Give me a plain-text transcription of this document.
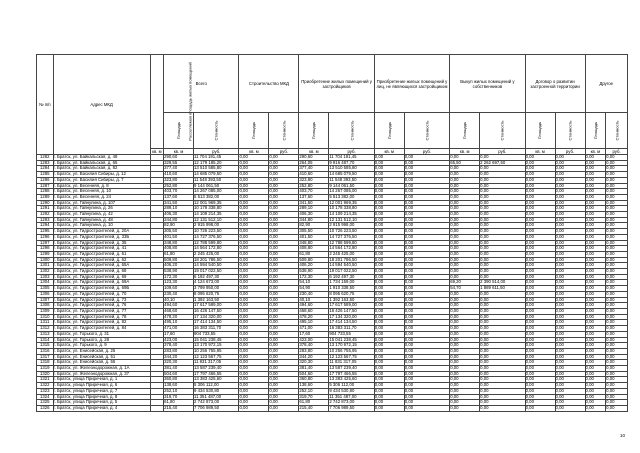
№ п/п	Адрес МКД	Расселяемая площадь жилых помещений	Всего		Строительство МКД		Приобретение жилых помещений у застройщиков		Приобретение жилых помещений у лиц, не являющихся застройщиком		Выкуп жилых помещений у собственников		Договор о развитии застроенной территории		Другое	
			Площадь	Стоимость	Площадь	Стоимость	Площадь	Стоимость	Площадь	Стоимость	Площадь	Стоимость	Площадь	Стоимость	Площадь	Стоимость
		кв. м	кв. м	руб.	кв. м	руб.	кв. м	руб.	кв. м	руб.	кв. м	руб.	кв. м	руб.	кв. м	руб.
1282	г. Братск, ул. Байкальская, д. 48		290,60	11 704 191,45	0,00	0,00	290,60	11 704 191,45	0,00	0,00	0,00	0,00	0,00	0,00	0,00	0,00
1283	г. Братск, ул. Байкальская, д. 65		329,55	12 179 185,20	0,00	0,00	264,05	9 916 487,70	0,00	0,00	65,50	2 262 697,50	0,00	0,00	0,00	0,00
1284	г. Братск, ул. Байкальская, д. 82		377,40	13 510 585,80	0,00	0,00	377,40	13 510 585,80	0,00	0,00	0,00	0,00	0,00	0,00	0,00	0,00
1285	г. Братск, ул. Василия Сибиры, д. 12		410,60	14 685 079,50	0,00	0,00	410,60	14 685 079,50	0,00	0,00	0,00	0,00	0,00	0,00	0,00	0,00
1286	г. Братск, ул. Василия Сибиры, д. 7		323,80	11 548 393,50	0,00	0,00	323,80	11 548 393,50	0,00	0,00	0,00	0,00	0,00	0,00	0,00	0,00
1287	г. Братск, ул. Весенняя, д. 8		252,80	9 144 061,50	0,00	0,00	252,80	9 144 061,50	0,00	0,00	0,00	0,00	0,00	0,00	0,00	0,00
1288	г. Братск, ул. Весенняя, д. 10		403,70	14 267 085,00	0,00	0,00	403,70	14 267 085,00	0,00	0,00	0,00	0,00	0,00	0,00	0,00	0,00
1289	г. Братск, ул. Весенняя, д. 24		137,60	5 513 382,00	0,00	0,00	137,60	5 513 382,00	0,00	0,00	0,00	0,00	0,00	0,00	0,00	0,00
1290	г. Братск, ул. Гайнулина, д. 107		341,50	12 001 969,35	0,00	0,00	341,50	12 001 969,35	0,00	0,00	0,00	0,00	0,00	0,00	0,00	0,00
1291	г. Братск, ул. Гайнулина, д. 26		289,10	10 178 338,80	0,00	0,00	289,10	10 178 338,80	0,00	0,00	0,00	0,00	0,00	0,00	0,00	0,00
1292	г. Братск, ул. Гайнулина, д. 42		406,30	14 109 214,35	0,00	0,00	406,30	14 109 214,35	0,00	0,00	0,00	0,00	0,00	0,00	0,00	0,00
1293	г. Братск, ул. Гайнулина, д. 48		344,80	12 131 512,10	0,00	0,00	344,80	12 131 512,10	0,00	0,00	0,00	0,00	0,00	0,00	0,00	0,00
1294	г. Братск, ул. Гайнулина, д. 10		82,90	2 915 998,00	0,00	0,00	82,90	2 915 998,00	0,00	0,00	0,00	0,00	0,00	0,00	0,00	0,00
1295	г. Братск, ул. Гидростроителей, д. 20А		305,50	10 726 223,50	0,00	0,00	305,50	10 726 223,50	0,00	0,00	0,00	0,00	0,00	0,00	0,00	0,00
1296	г. Братск, ул. Гидростроителей, д. 33Б		401,50	14 727 376,50	0,00	0,00	401,50	14 727 376,50	0,00	0,00	0,00	0,00	0,00	0,00	0,00	0,00
1297	г. Братск, ул. Гидростроителей, д. 35		348,80	12 788 599,80	0,00	0,00	348,80	12 788 599,80	0,00	0,00	0,00	0,00	0,00	0,00	0,00	0,00
1298	г. Братск, ул. Гидростроителей, д. 41		408,80	14 564 172,80	0,00	0,00	408,80	14 564 172,80	0,00	0,00	0,00	0,00	0,00	0,00	0,00	0,00
1299	г. Братск, ул. Гидростроителей, д. 61		61,80	2 245 425,00	0,00	0,00	61,80	2 245 425,00	0,00	0,00	0,00	0,00	0,00	0,00	0,00	0,00
1300	г. Братск, ул. Гидростроителей, д. 62		509,80	18 201 786,50	0,00	0,00	509,80	18 201 786,50	0,00	0,00	0,00	0,00	0,00	0,00	0,00	0,00
1301	г. Братск, ул. Гидростроителей, д. 65А		406,20	14 594 540,50	0,00	0,00	406,20	14 594 540,50	0,00	0,00	0,00	0,00	0,00	0,00	0,00	0,00
1302	г. Братск, ул. Гидростроителей, д. 68		538,90	19 017 022,50	0,00	0,00	538,90	19 017 022,50	0,00	0,00	0,00	0,00	0,00	0,00	0,00	0,00
1303	г. Братск, ул. Гидростроителей, д. 69		172,30	6 192 497,30	0,00	0,00	172,30	6 192 497,30	0,00	0,00	0,00	0,00	0,00	0,00	0,00	0,00
1304	г. Братск, ул. Гидростроителей, д. 69А		123,30	4 124 673,00	0,00	0,00	54,10	1 734 159,00	0,00	0,00	69,20	2 390 514,00	0,00	0,00	0,00	0,00
1305	г. Братск, ул. Гидростроителей, д. 69Б		109,60	3 799 950,00	0,00	0,00	54,90	1 910 338,50	0,00	0,00	54,70	1 889 611,50	0,00	0,00	0,00	0,00
1306	г. Братск, ул. Гидростроителей, д. 70		230,40	8 095 620,75	0,00	0,00	230,40	8 095 620,75	0,00	0,00	0,00	0,00	0,00	0,00	0,00	0,00
1307	г. Братск, ул. Гидростроителей, д. 73		40,10	1 392 163,50	0,00	0,00	40,10	1 392 163,50	0,00	0,00	0,00	0,00	0,00	0,00	0,00	0,00
1308	г. Братск, ул. Гидростроителей, д. 76		494,60	17 617 589,00	0,00	0,00	494,60	17 617 589,00	0,00	0,00	0,00	0,00	0,00	0,00	0,00	0,00
1309	г. Братск, ул. Гидростроителей, д. 77		468,60	16 426 147,50	0,00	0,00	468,60	16 426 147,50	0,00	0,00	0,00	0,00	0,00	0,00	0,00	0,00
1310	г. Братск, ул. Гидростроителей, д. 78		478,20	17 134 320,00	0,00	0,00	478,20	17 134 320,00	0,00	0,00	0,00	0,00	0,00	0,00	0,00	0,00
1311	г. Братск, ул. Гидростроителей, д. 82		495,10	17 414 134,50	0,00	0,00	495,10	17 414 134,50	0,00	0,00	0,00	0,00	0,00	0,00	0,00	0,00
1312	г. Братск, ул. Гидростроителей, д. 84		471,00	16 383 311,70	0,00	0,00	471,00	16 383 311,70	0,00	0,00	0,00	0,00	0,00	0,00	0,00	0,00
1313	г. Братск, ул. Горького, д. 31		17,60	904 733,55	0,00	0,00	17,60	904 733,55	0,00	0,00	0,00	0,00	0,00	0,00	0,00	0,00
1314	г. Братск, ул. Горького, д. 28		423,00	15 041 238,45	0,00	0,00	423,00	15 041 238,45	0,00	0,00	0,00	0,00	0,00	0,00	0,00	0,00
1315	г. Братск, ул. Горького, д. 9		378,40	13 170 972,15	0,00	0,00	378,40	13 170 972,15	0,00	0,00	0,00	0,00	0,00	0,00	0,00	0,00
1316	г. Братск, ул. Енисейская, д. 25		283,80	10 256 755,95	0,00	0,00	283,80	10 256 755,95	0,00	0,00	0,00	0,00	0,00	0,00	0,00	0,00
1317	г. Братск, ул. Енисейская, д. 51		344,20	12 123 567,75	0,00	0,00	344,20	12 123 567,75	0,00	0,00	0,00	0,00	0,00	0,00	0,00	0,00
1318	г. Братск, ул. Енисейская, д. 55		320,30	11 831 317,05	0,00	0,00	320,30	11 831 317,05	0,00	0,00	0,00	0,00	0,00	0,00	0,00	0,00
1319	г. Братск, ул. Железнодорожная, д. 1А		381,40	13 587 239,40	0,00	0,00	381,40	13 587 239,40	0,00	0,00	0,00	0,00	0,00	0,00	0,00	0,00
1320	г. Братск, ул. Железнодорожная, д. 37		504,60	17 797 466,55	0,00	0,00	504,60	17 797 466,55	0,00	0,00	0,00	0,00	0,00	0,00	0,00	0,00
1321	г. Братск, улица Приречная, д. 1		360,80	13 383 425,60	0,00	0,00	360,80	13 383 425,60	0,00	0,00	0,00	0,00	0,00	0,00	0,00	0,00
1322	г. Братск, улица Приречная, д. 6		138,60	5 306 112,00	0,00	0,00	138,60	5 306 112,00	0,00	0,00	0,00	0,00	0,00	0,00	0,00	0,00
1323	г. Братск, улица Приречная, д. 7		252,10	9 434 530,80	0,00	0,00	252,10	9 434 530,80	0,00	0,00	0,00	0,00	0,00	0,00	0,00	0,00
1324	г. Братск, улица Приречная, д. 8		319,70	11 351 487,00	0,00	0,00	319,70	11 351 487,00	0,00	0,00	0,00	0,00	0,00	0,00	0,00	0,00
1325	г. Братск, улица Приречная, д. 5		61,80	2 742 873,00	0,00	0,00	61,80	2 742 873,00	0,00	0,00	0,00	0,00	0,00	0,00	0,00	0,00
1326	г. Братск, улица Приречная, д. 4		215,40	7 706 989,50	0,00	0,00	215,40	7 706 989,50	0,00	0,00	0,00	0,00	0,00	0,00	0,00	0,00
10
